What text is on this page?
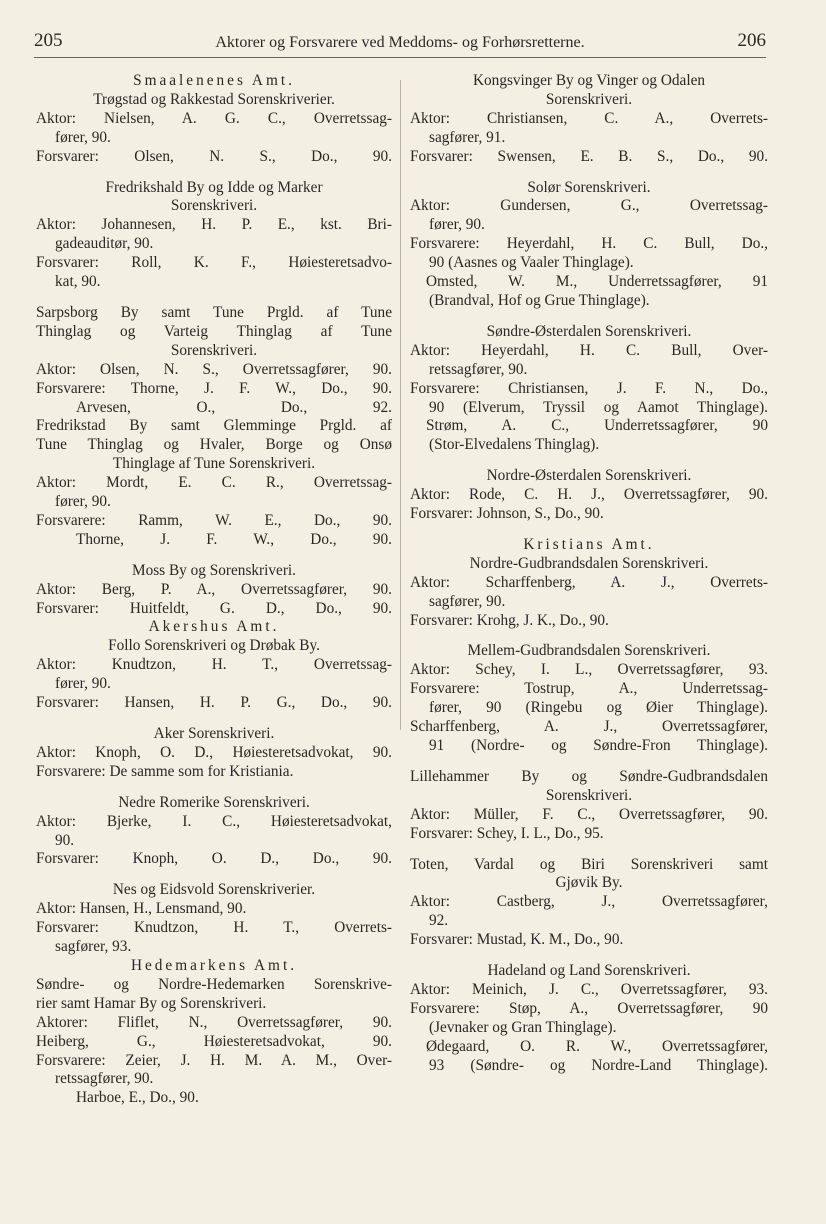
205	Aktorer og Forsvarere ved Meddoms- og Forhørsretterne.	206
Smaalenenes Amt.
Trøgstad og Rakkestad Sorenskriverier.
Aktor: Nielsen, A. G. C., Overretssag-
fører, 90.
Forsvarer: Olsen, N. S., Do., 90.
Fredrikshald By og Idde og Marker
Sorenskriveri.
Aktor: Johannesen, H. P. E., kst. Bri-
gadeauditør, 90.
Forsvarer: Roll, K. F., Høiesteretsadvo-
kat, 90.
Sarpsborg By samt Tune Prgld. af Tune
Thinglag og Varteig Thinglag af Tune
Sorenskriveri.
Aktor: Olsen, N. S., Overretssagfører, 90.
Forsvarere: Thorne, J. F. W., Do., 90.
Arvesen, O., Do., 92.
Fredrikstad By samt Glemminge Prgld. af
Tune Thinglag og Hvaler, Borge og Onsø
Thinglage af Tune Sorenskriveri.
Aktor: Mordt, E. C. R., Overretssag-
fører, 90.
Forsvarere: Ramm, W. E., Do., 90.
Thorne, J. F. W., Do., 90.
Moss By og Sorenskriveri.
Aktor: Berg, P. A., Overretssagfører, 90.
Forsvarer: Huitfeldt, G. D., Do., 90.
Akershus Amt.
Follo Sorenskriveri og Drøbak By.
Aktor: Knudtzon, H. T., Overretssag-
fører, 90.
Forsvarer: Hansen, H. P. G., Do., 90.
Aker Sorenskriveri.
Aktor: Knoph, O. D., Høiesteretsadvokat, 90.
Forsvarere: De samme som for Kristiania.
Nedre Romerike Sorenskriveri.
Aktor: Bjerke, I. C., Høiesteretsadvokat,
90.
Forsvarer: Knoph, O. D., Do., 90.
Nes og Eidsvold Sorenskriverier.
Aktor: Hansen, H., Lensmand, 90.
Forsvarer: Knudtzon, H. T., Overrets-
sagfører, 93.
Hedemarkens Amt.
Søndre- og Nordre-Hedemarken Sorenskrive-
rier samt Hamar By og Sorenskriveri.
Aktorer: Fliflet, N., Overretssagfører, 90.
Heiberg, G., Høiesteretsadvokat, 90.
Forsvarere: Zeier, J. H. M. A. M., Over-
retssagfører, 90.
Harboe, E., Do., 90.
Kongsvinger By og Vinger og Odalen
Sorenskriveri.
Aktor: Christiansen, C. A., Overrets-
sagfører, 91.
Forsvarer: Swensen, E. B. S., Do., 90.
Solør Sorenskriveri.
Aktor: Gundersen, G., Overretssag-
fører, 90.
Forsvarere: Heyerdahl, H. C. Bull, Do.,
90 (Aasnes og Vaaler Thinglage).
Omsted, W. M., Underretssagfører, 91
(Brandval, Hof og Grue Thinglage).
Søndre-Østerdalen Sorenskriveri.
Aktor: Heyerdahl, H. C. Bull, Over-
retssagfører, 90.
Forsvarere: Christiansen, J. F. N., Do.,
90 (Elverum, Tryssil og Aamot Thinglage).
Strøm, A. C., Underretssagfører, 90
(Stor-Elvedalens Thinglag).
Nordre-Østerdalen Sorenskriveri.
Aktor: Rode, C. H. J., Overretssagfører, 90.
Forsvarer: Johnson, S., Do., 90.
Kristians Amt.
Nordre-Gudbrandsdalen Sorenskriveri.
Aktor: Scharffenberg, A. J., Overrets-
sagfører, 90.
Forsvarer: Krohg, J. K., Do., 90.
Mellem-Gudbrandsdalen Sorenskriveri.
Aktor: Schey, I. L., Overretssagfører, 93.
Forsvarere: Tostrup, A., Underretssag-
fører, 90 (Ringebu og Øier Thinglage).
Scharffenberg, A. J., Overretssagfører,
91 (Nordre- og Søndre-Fron Thinglage).
Lillehammer By og Søndre-Gudbrandsdalen
Sorenskriveri.
Aktor: Müller, F. C., Overretssagfører, 90.
Forsvarer: Schey, I. L., Do., 95.
Toten, Vardal og Biri Sorenskriveri samt
Gjøvik By.
Aktor: Castberg, J., Overretssagfører,
92.
Forsvarer: Mustad, K. M., Do., 90.
Hadeland og Land Sorenskriveri.
Aktor: Meinich, J. C., Overretssagfører, 93.
Forsvarere: Støp, A., Overretssagfører, 90
(Jevnaker og Gran Thinglage).
Ødegaard, O. R. W., Overretssagfører,
93 (Søndre- og Nordre-Land Thinglage).
